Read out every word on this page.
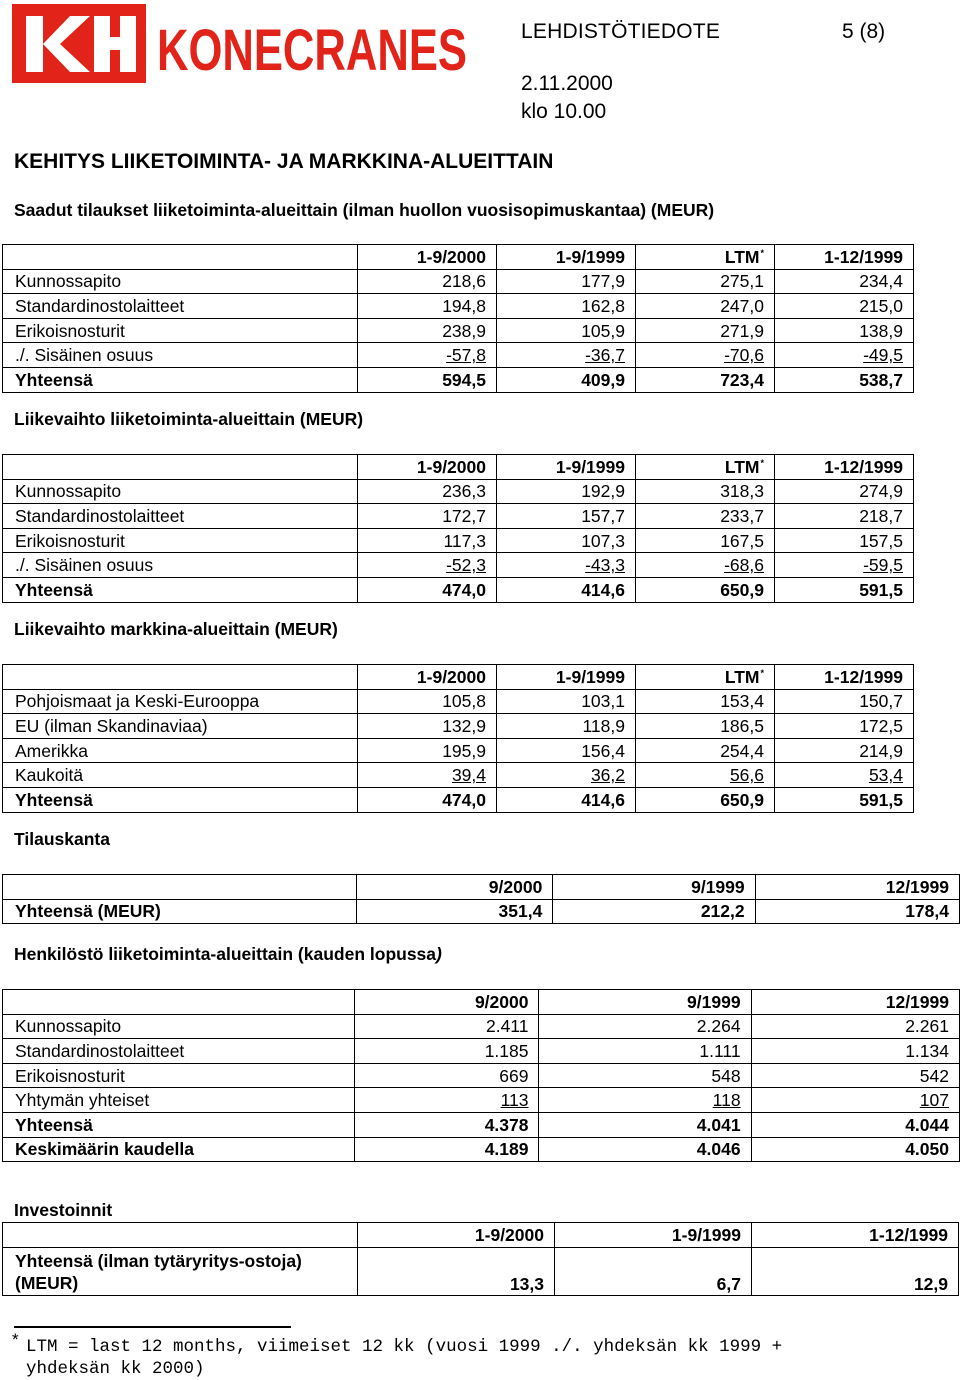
KONECRANES	LEHDISTÖTIEDOTE	5 (8)
2.11.2000
klo 10.00
KEHITYS LIIKETOIMINTA- JA MARKKINA-ALUEITTAIN
Saadut tilaukset liiketoiminta-alueittain (ilman huollon vuosisopimuskantaa) (MEUR)
	1-9/2000	1-9/1999	LTM*	1-12/1999
Kunnossapito	218,6	177,9	275,1	234,4
Standardinostolaitteet	194,8	162,8	247,0	215,0
Erikoisnosturit	238,9	105,9	271,9	138,9
./. Sisäinen osuus	-57,8	-36,7	-70,6	-49,5
Yhteensä	594,5	409,9	723,4	538,7
Liikevaihto liiketoiminta-alueittain (MEUR)
	1-9/2000	1-9/1999	LTM*	1-12/1999
Kunnossapito	236,3	192,9	318,3	274,9
Standardinostolaitteet	172,7	157,7	233,7	218,7
Erikoisnosturit	117,3	107,3	167,5	157,5
./. Sisäinen osuus	-52,3	-43,3	-68,6	-59,5
Yhteensä	474,0	414,6	650,9	591,5
Liikevaihto markkina-alueittain (MEUR)
	1-9/2000	1-9/1999	LTM*	1-12/1999
Pohjoismaat ja Keski-Eurooppa	105,8	103,1	153,4	150,7
EU (ilman Skandinaviaa)	132,9	118,9	186,5	172,5
Amerikka	195,9	156,4	254,4	214,9
Kaukoitä	39,4	36,2	56,6	53,4
Yhteensä	474,0	414,6	650,9	591,5
Tilauskanta
	9/2000	9/1999	12/1999
Yhteensä (MEUR)	351,4	212,2	178,4
Henkilöstö liiketoiminta-alueittain (kauden lopussa)
	9/2000	9/1999	12/1999
Kunnossapito	2.411	2.264	2.261
Standardinostolaitteet	1.185	1.111	1.134
Erikoisnosturit	669	548	542
Yhtymän yhteiset	113	118	107
Yhteensä	4.378	4.041	4.044
Keskimäärin kaudella	4.189	4.046	4.050
Investoinnit
	1-9/2000	1-9/1999	1-12/1999
Yhteensä (ilman tytäryritys-ostoja)
(MEUR)	13,3	6,7	12,9
* LTM = last 12 months, viimeiset 12 kk (vuosi 1999 ./. yhdeksän kk 1999 +
yhdeksän kk 2000)
